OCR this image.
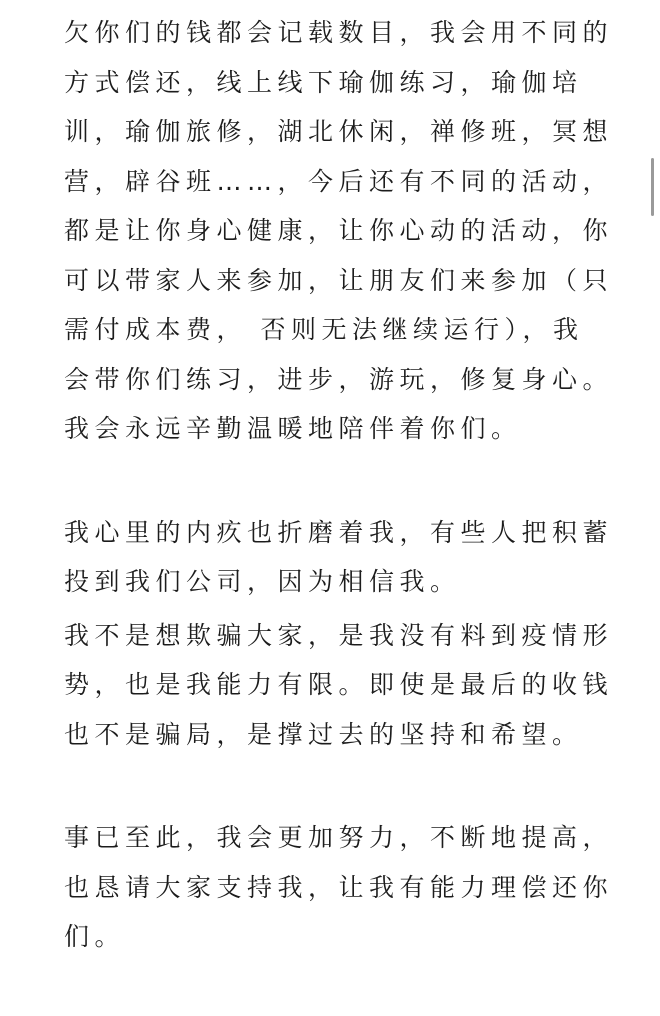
欠你们的钱都会记载数目，我会用不同的
方式偿还，线上线下瑜伽练习，瑜伽培
训，瑜伽旅修，湖北休闲，禅修班，冥想
营，辟谷班……，今后还有不同的活动，
都是让你身心健康，让你心动的活动，你
可以带家人来参加，让朋友们来参加（只
需付成本费， 否则无法继续运行），我
会带你们练习，进步，游玩，修复身心。
我会永远辛勤温暖地陪伴着你们。
我心里的内疚也折磨着我，有些人把积蓄
投到我们公司，因为相信我。
我不是想欺骗大家，是我没有料到疫情形
势，也是我能力有限。即使是最后的收钱
也不是骗局，是撑过去的坚持和希望。
事已至此，我会更加努力，不断地提高，
也恳请大家支持我，让我有能力理偿还你
们。
